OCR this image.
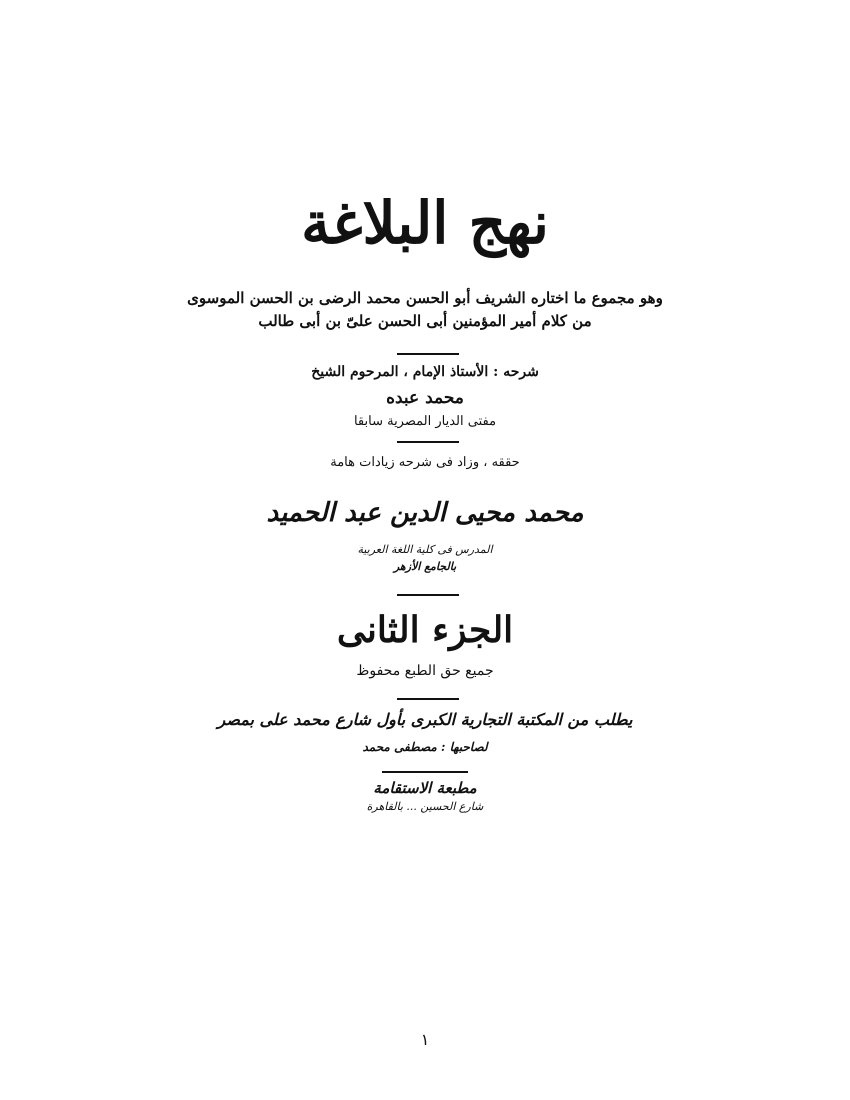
نهج البلاغة
وهو مجموع ما اختاره الشريف أبو الحسن محمد الرضى بن الحسن الموسوى
من كلام أمير المؤمنين أبى الحسن علىّ بن أبى طالب
شرحه : الأستاذ الإمام ، المرحوم الشيخ
محمد عبده
مفتى الديار المصرية سابقا
حققه ، وزاد فى شرحه زيادات هامة
محمد محيى الدين عبد الحميد
المدرس فى كلية اللغة العربية
بالجامع الأزهر
الجزء الثانى
جميع حق الطبع محفوظ
يطلب من المكتبة التجارية الكبرى بأول شارع محمد على بمصر
لصاحبها : مصطفى محمد
مطبعة الاستقامة
شارع الحسين ... بالقاهرة
١
